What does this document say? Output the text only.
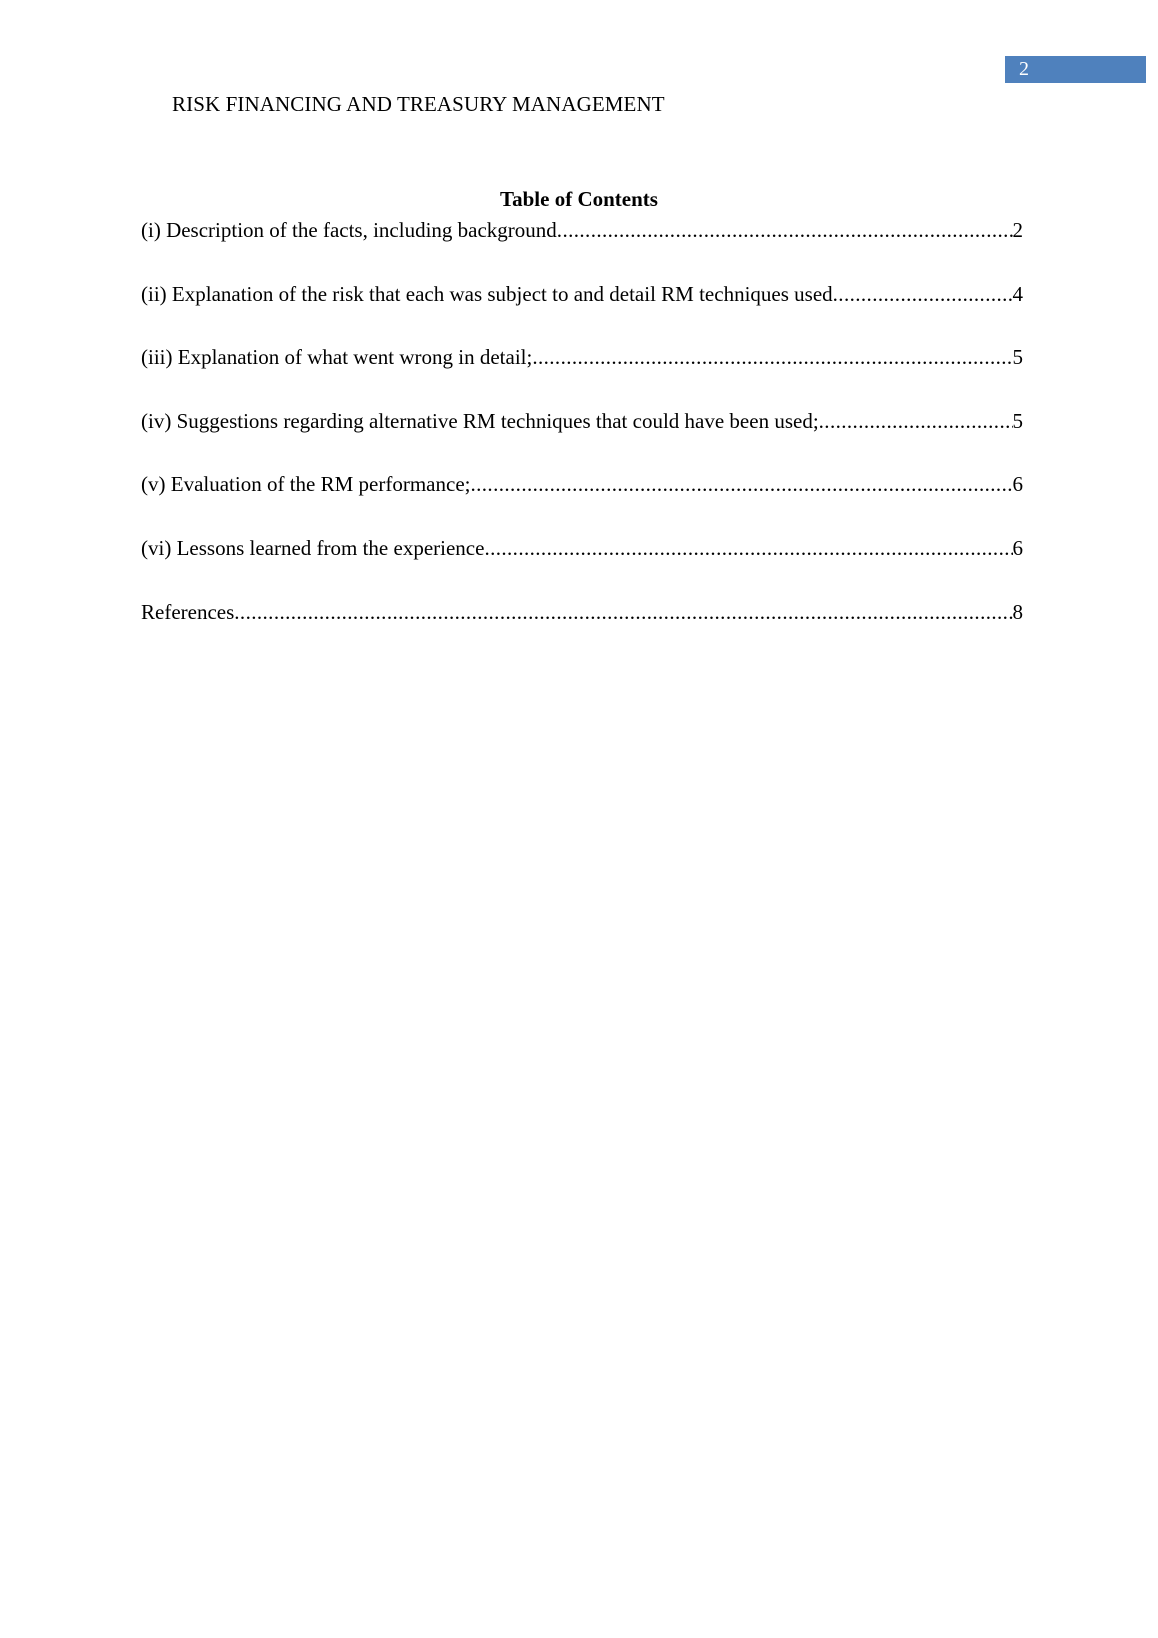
2
RISK FINANCING AND TREASURY MANAGEMENT
Table of Contents
(i) Description of the facts, including background .....	2
(ii) Explanation of the risk that each was subject to and detail RM techniques used .....	4
(iii) Explanation of what went wrong in detail; .....	5
(iv) Suggestions regarding alternative RM techniques that could have been used; .....	5
(v) Evaluation of the RM performance; .....	6
(vi) Lessons learned from the experience .....	6
References .....	8
